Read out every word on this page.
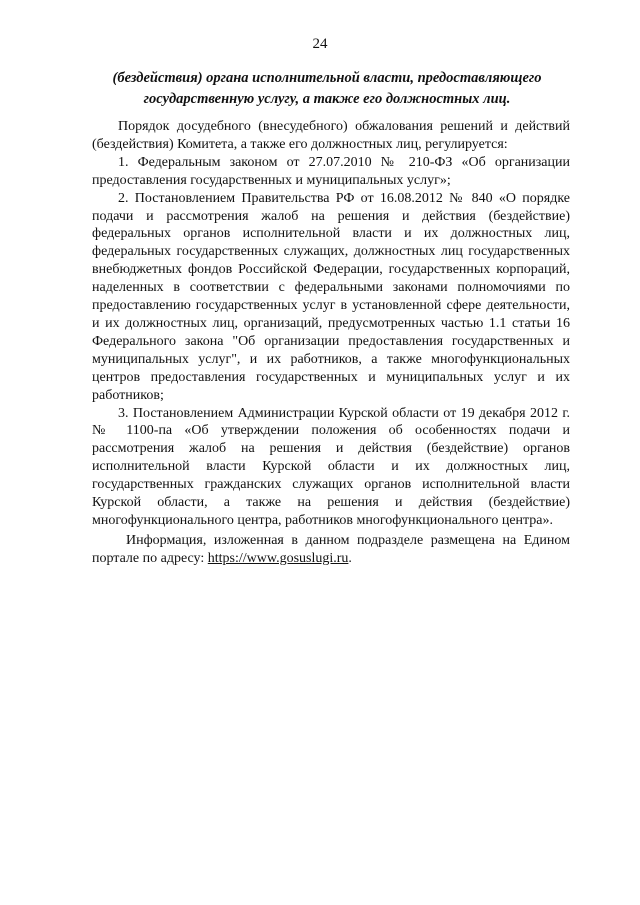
24
(бездействия) органа исполнительной власти, предоставляющего
государственную услугу, а также его должностных лиц.

Порядок досудебного (внесудебного) обжалования решений и действий (бездействия) Комитета, а также его должностных лиц, регулируется:

1. Федеральным законом от 27.07.2010 № 210-ФЗ «Об организации предоставления государственных и муниципальных услуг»;

2. Постановлением Правительства РФ от 16.08.2012 № 840 «О порядке подачи и рассмотрения жалоб на решения и действия (бездействие) федеральных органов исполнительной власти и их должностных лиц, федеральных государственных служащих, должностных лиц государственных внебюджетных фондов Российской Федерации, государственных корпораций, наделенных в соответствии с федеральными законами полномочиями по предоставлению государственных услуг в установленной сфере деятельности, и их должностных лиц, организаций, предусмотренных частью 1.1 статьи 16 Федерального закона "Об организации предоставления государственных и муниципальных услуг", и их работников, а также многофункциональных центров предоставления государственных и муниципальных услуг и их работников;

3. Постановлением Администрации Курской области от 19 декабря 2012 г. № 1100-па «Об утверждении положения об особенностях подачи и рассмотрения жалоб на решения и действия (бездействие) органов исполнительной власти Курской области и их должностных лиц, государственных гражданских служащих органов исполнительной власти Курской области, а также на решения и действия (бездействие) многофункционального центра, работников многофункционального центра».

Информация, изложенная в данном подразделе размещена на Едином портале по адресу: https://www.gosuslugi.ru.
